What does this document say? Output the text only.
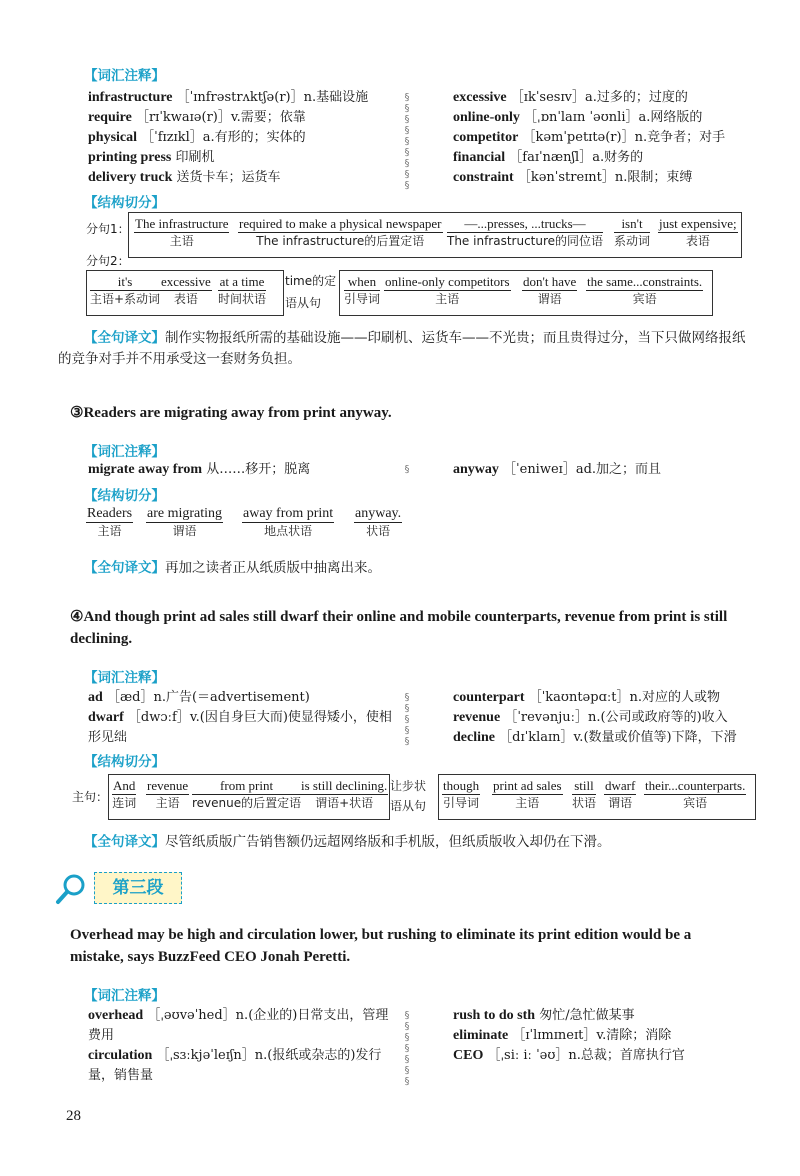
【词汇注释】
infrastructure ［ˈɪnfrəstrʌktʃə(r)］n.基础设施
require ［rɪˈkwaɪə(r)］v.需要；依靠
physical ［ˈfɪzɪkl］a.有形的；实体的
printing press 印刷机
delivery truck 送货卡车；运货车
§
§
§
§
§
§
§
§
§
excessive ［ɪkˈsesɪv］a.过多的；过度的
online-only ［ˌɒnˈlaɪn ˈəʊnli］a.网络版的
competitor ［kəmˈpetɪtə(r)］n.竞争者；对手
financial ［faɪˈnænʃl］a.财务的
constraint ［kənˈstreɪnt］n.限制；束缚
【结构切分】
分句1：
分句2：
The infrastructure
主语
required to make a physical newspaper
The infrastructure的后置定语
—...presses, ...trucks—
The infrastructure的同位语
isn't
系动词
just expensive;
表语
it's
主语+系动词
excessive
表语
at a time
时间状语
time的定语从句
when
引导词
online-only competitors
主语
don't have
谓语
the same...constraints.
宾语
【全句译文】制作实物报纸所需的基础设施——印刷机、运货车——不光贵；而且贵得过分，当下只做网络报纸的竞争对手并不用承受这一套财务负担。
③Readers are migrating away from print anyway.
【词汇注释】
migrate away from 从……移开；脱离	§	anyway ［ˈeniweɪ］ad.加之；而且
【结构切分】
Readers
主语
are migrating
谓语
away from print
地点状语
anyway.
状语
【全句译文】再加之读者正从纸质版中抽离出来。
④And though print ad sales still dwarf their online and mobile counterparts, revenue from print is still declining.
【词汇注释】
ad ［æd］n.广告(＝advertisement)
dwarf ［dwɔːf］v.(因自身巨大而)使显得矮小，使相形见绌
§
§
§
§
§
counterpart ［ˈkaʊntəpɑːt］n.对应的人或物
revenue ［ˈrevənjuː］n.(公司或政府等的)收入
decline ［dɪˈklaɪn］v.(数量或价值等)下降，下滑
【结构切分】
主句：
And
连词
revenue
主语
from print
revenue的后置定语
is still declining.
谓语+状语
让步状语从句
though
引导词
print ad sales
主语
still
状语
dwarf
谓语
their...counterparts.
宾语
【全句译文】尽管纸质版广告销售额仍远超网络版和手机版，但纸质版收入却仍在下滑。
第三段
Overhead may be high and circulation lower, but rushing to eliminate its print edition would be a mistake, says BuzzFeed CEO Jonah Peretti.
【词汇注释】
overhead ［ˌəʊvəˈhed］n.(企业的)日常支出，管理费用
circulation ［ˌsɜːkjəˈleɪʃn］n.(报纸或杂志的)发行量，销售量
§
§
§
§
§
§
§
rush to do sth 匆忙/急忙做某事
eliminate ［ɪˈlɪmɪneɪt］v.清除；消除
CEO ［ˌsiː iː ˈəʊ］n.总裁；首席执行官
28
